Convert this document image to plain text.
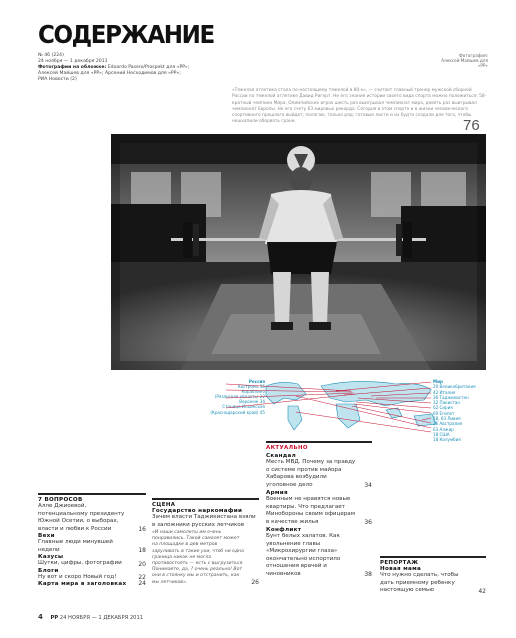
СОДЕРЖАНИЕ
№ 46 (224)
24 ноября — 1 декабря 2011
Фотографии на обложке: Edoardo Pasero/Prospekt для «РР»;
Алексей Майшев для «РР»; Арсений Несходимов для «РР»;
РИА Новости (2)
Фотография:
Алексей Майшев для «РР»
«Тяжелая атлетика стала по-настоящему тяжелой в 80-х», — считает главный тренер мужской сборной России по тяжелой атлетике Давид Ригерт. Не его знания истории своего вида спорта можно положиться: 58-кратный чемпион Мира, Олимпийских играх шесть раз выигрывал чемпионат мира, девять раз выигрывал чемпионат Европы. Не его счету 63 мировых рекорда. Сегодня в этом спорте и в жизни человеческого спортивного прошлого выйдет, полагаю, только ряд: готовые листи и их будто создали для того, чтобы нешхапили оборвать грани.	76
Россия
Кострома 36
Кораблино
(Рязанская область) 22
Воронеж 34
Станица Ильинская
(Краснодарский край) 45
Мир
20 Великобритания
42 Италия
36 Таджикистан
32 Пакистан
62 Сирия
60 Египет
18, 63 Ливия
36 Австралия
63 Алжир
18 США
18 Колумбия
АКТУАЛЬНО
Скандал
Месть МВД. Почему за правду о системе против майора Хабарова возбудили уголовное дело	34
Армия
Военным не нравятся новые квартиры. Что предлагает Минобороны своим офицерам в качестве жилья	36
Конфликт
Бунт белых халатов. Как увольнение главы «Микрохирургии глаза» окончательно испортило отношения врачей и чиновников	38
7 ВОПРОСОВ
Алле Джиоевой, потенциальному президенту Южной Осетии, о выборах, власти и любви к России	16
Вехи
Главные люди минувшей недели	18
Казусы
Шутки, цифры, фотографии	20
Блоги
Ну вот и скоро Новый год!	22
Карта мира в заголовках	24
СЦЕНА
Государство наркомафии
Зачем власти Таджикистана взяли в заложники русских летчиков
«И наши самолеты им очень понравились. Такой самолет может на площадке в дев метров заруливать в такие ухи, чтоб ни одна граница никак не могла противостоять — есть с выгрузиться. Понимаете, да, ? очень реально! Вот они в стоянку мы и отстранить, как мы летчиков».	26
РЕПОРТАЖ
Новая мама
Что нужно сделать, чтобы дать приемному ребенку настоящую семью	42
4 РР 24 НОЯБРЯ — 1 ДЕКАБРЯ 2011
